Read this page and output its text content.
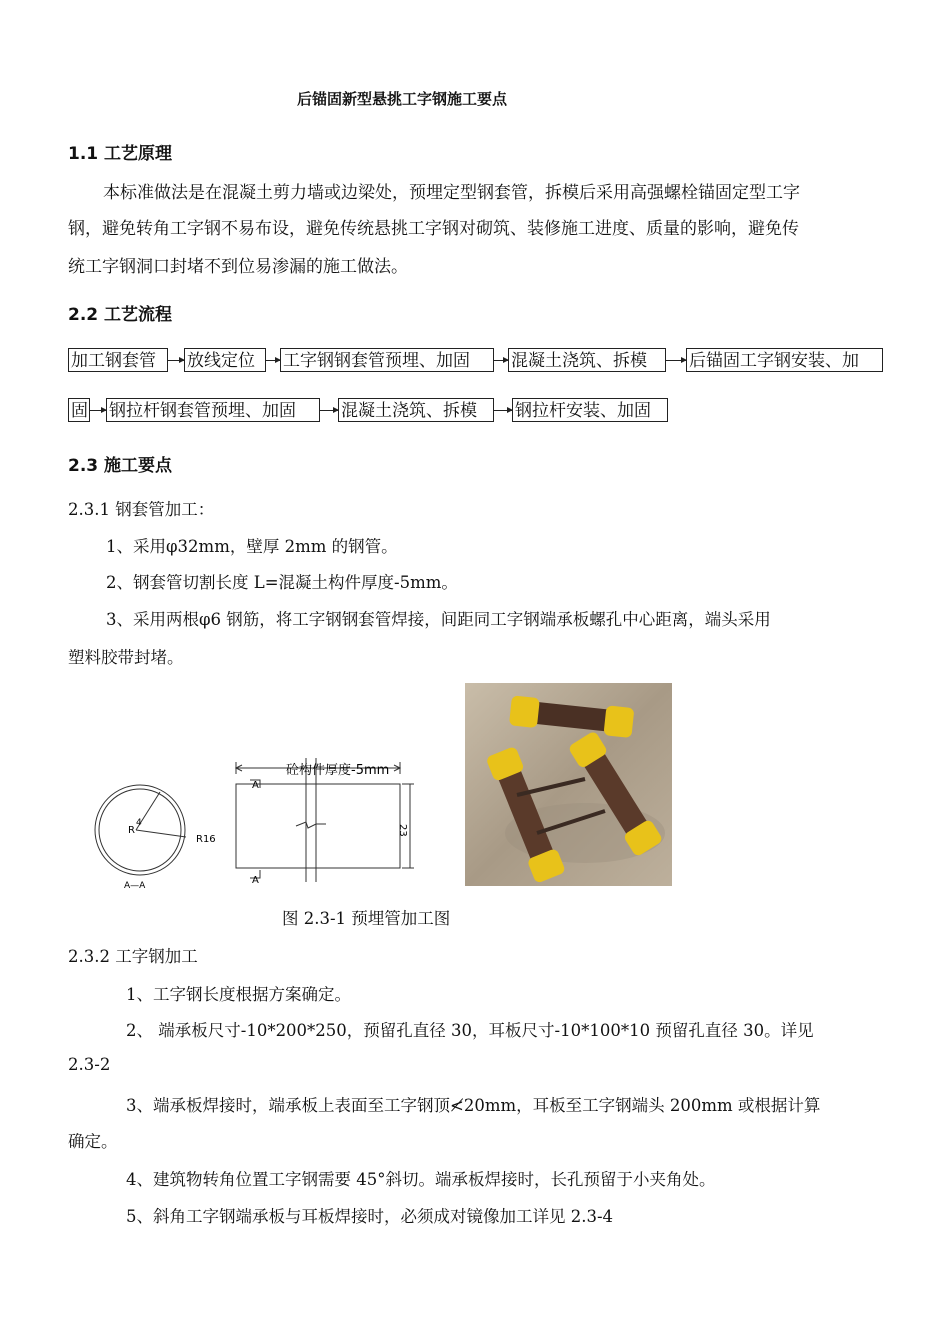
后锚固新型悬挑工字钢施工要点
1.1 工艺原理
本标准做法是在混凝土剪力墙或边梁处，预埋定型钢套管，拆模后采用高强螺栓锚固定型工字
钢，避免转角工字钢不易布设，避免传统悬挑工字钢对砌筑、装修施工进度、质量的影响，避免传
统工字钢洞口封堵不到位易渗漏的施工做法。
2.2 工艺流程
加工钢套管	放线定位	工字钢钢套管预埋、加固	混凝土浇筑、拆模	后锚固工字钢安装、加
固 钢拉杆钢套管预埋、加固	混凝土浇筑、拆模	钢拉杆安装、加固
2.3 施工要点
2.3.1 钢套管加工：
1、采用φ32mm，壁厚 2mm 的钢管。
2、钢套管切割长度 L=混凝土构件厚度-5mm。
3、采用两根φ6 钢筋，将工字钢钢套管焊接，间距同工字钢端承板螺孔中心距离，端头采用
塑料胶带封堵。
R
4
R16
A—A
砼构件厚度-5mm
A
A
23
图 2.3-1 预埋管加工图
2.3.2 工字钢加工
1、工字钢长度根据方案确定。
2、 端承板尺寸-10*200*250，预留孔直径 30，耳板尺寸-10*100*10 预留孔直径 30。详见
2.3-2
3、端承板焊接时，端承板上表面至工字钢顶≮20mm，耳板至工字钢端头 200mm 或根据计算
确定。
4、建筑物转角位置工字钢需要 45°斜切。端承板焊接时，长孔预留于小夹角处。
5、斜角工字钢端承板与耳板焊接时，必须成对镜像加工详见 2.3-4
